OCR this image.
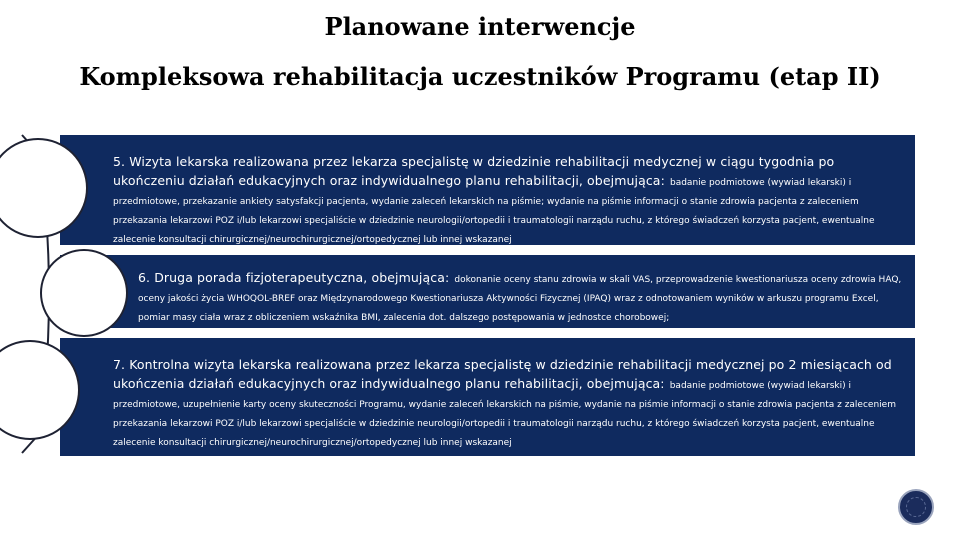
Planowane interwencje
Kompleksowa rehabilitacja uczestników Programu (etap II)
5. Wizyta lekarska realizowana przez lekarza specjalistę w dziedzinie rehabilitacji medycznej w ciągu tygodnia po ukończeniu działań edukacyjnych oraz indywidualnego planu rehabilitacji, obejmująca: badanie podmiotowe (wywiad lekarski) i przedmiotowe, przekazanie ankiety satysfakcji pacjenta, wydanie zaleceń lekarskich na piśmie; wydanie na piśmie informacji o stanie zdrowia pacjenta z zaleceniem przekazania lekarzowi POZ i/lub lekarzowi specjaliście w dziedzinie neurologii/ortopedii i traumatologii narządu ruchu, z którego świadczeń korzysta pacjent, ewentualne zalecenie konsultacji chirurgicznej/neurochirurgicznej/ortopedycznej lub innej wskazanej
6. Druga porada fizjoterapeutyczna, obejmująca: dokonanie oceny stanu zdrowia w skali VAS, przeprowadzenie kwestionariusza oceny zdrowia HAQ, oceny jakości życia WHOQOL-BREF oraz Międzynarodowego Kwestionariusza Aktywności Fizycznej (IPAQ) wraz z odnotowaniem wyników w arkuszu programu Excel, pomiar masy ciała wraz z obliczeniem wskaźnika BMI, zalecenia dot. dalszego postępowania w jednostce chorobowej;
7. Kontrolna wizyta lekarska realizowana przez lekarza specjalistę w dziedzinie rehabilitacji medycznej po 2 miesiącach od ukończenia działań edukacyjnych oraz indywidualnego planu rehabilitacji, obejmująca: badanie podmiotowe (wywiad lekarski) i przedmiotowe, uzupełnienie karty oceny skuteczności Programu, wydanie zaleceń lekarskich na piśmie, wydanie na piśmie informacji o stanie zdrowia pacjenta z zaleceniem przekazania lekarzowi POZ i/lub lekarzowi specjaliście w dziedzinie neurologii/ortopedii i traumatologii narządu ruchu, z którego świadczeń korzysta pacjent, ewentualne zalecenie konsultacji chirurgicznej/neurochirurgicznej/ortopedycznej lub innej wskazanej
